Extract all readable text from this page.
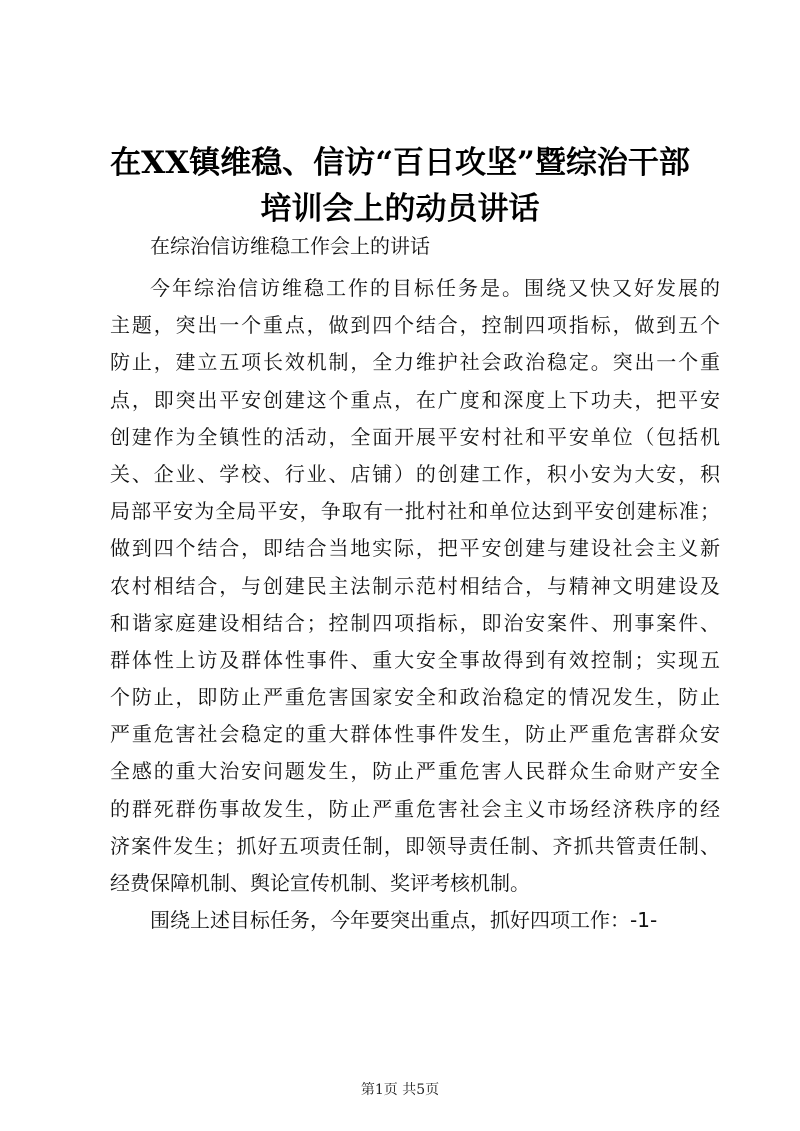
在XX镇维稳、信访“百日攻坚”暨综治干部
培训会上的动员讲话
在综治信访维稳工作会上的讲话
今年综治信访维稳工作的目标任务是。围绕又快又好发展的
主题，突出一个重点，做到四个结合，控制四项指标，做到五个
防止，建立五项长效机制，全力维护社会政治稳定。突出一个重
点，即突出平安创建这个重点，在广度和深度上下功夫，把平安
创建作为全镇性的活动，全面开展平安村社和平安单位（包括机
关、企业、学校、行业、店铺）的创建工作，积小安为大安，积
局部平安为全局平安，争取有一批村社和单位达到平安创建标准；
做到四个结合，即结合当地实际，把平安创建与建设社会主义新
农村相结合，与创建民主法制示范村相结合，与精神文明建设及
和谐家庭建设相结合；控制四项指标，即治安案件、刑事案件、
群体性上访及群体性事件、重大安全事故得到有效控制；实现五
个防止，即防止严重危害国家安全和政治稳定的情况发生，防止
严重危害社会稳定的重大群体性事件发生，防止严重危害群众安
全感的重大治安问题发生，防止严重危害人民群众生命财产安全
的群死群伤事故发生，防止严重危害社会主义市场经济秩序的经
济案件发生；抓好五项责任制，即领导责任制、齐抓共管责任制、
经费保障机制、舆论宣传机制、奖评考核机制。
围绕上述目标任务，今年要突出重点，抓好四项工作：-1-
第1页 共5页
